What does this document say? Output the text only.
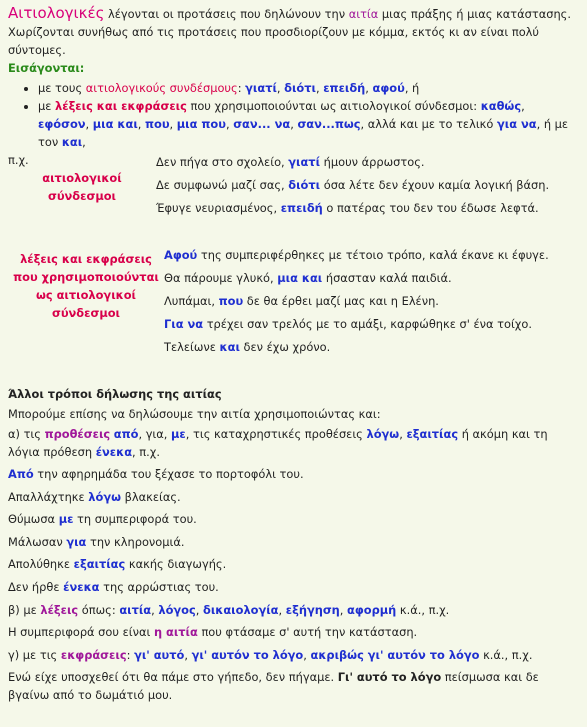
Αιτιολογικές λέγονται οι προτάσεις που δηλώνουν την αιτία μιας πράξης ή μιας κατάστασης. Χωρίζονται συνήθως από τις προτάσεις που προσδιορίζουν με κόμμα, εκτός κι αν είναι πολύ σύντομες.

Εισάγονται:

• με τους αιτιολογικούς συνδέσμους: γιατί, διότι, επειδή, αφού, ή
• με λέξεις και εκφράσεις που χρησιμοποιούνται ως αιτιολογικοί σύνδεσμοι: καθώς, εφόσον, μια και, που, μια που, σαν... να, σαν...πως, αλλά και με το τελικό για να, ή με τον και,

π.χ.

αιτιολογικοί σύνδεσμοι

Δεν πήγα στο σχολείο, γιατί ήμουν άρρωστος.

Δε συμφωνώ μαζί σας, διότι όσα λέτε δεν έχουν καμία λογική βάση.

Έφυγε νευριασμένος, επειδή ο πατέρας του δεν του έδωσε λεφτά.

λέξεις και εκφράσεις που χρησιμοποιούνται ως αιτιολογικοί σύνδεσμοι

Αφού της συμπεριφέρθηκες με τέτοιο τρόπο, καλά έκανε κι έφυγε.

Θα πάρουμε γλυκό, μια και ήσασταν καλά παιδιά.

Λυπάμαι, που δε θα έρθει μαζί μας και η Ελένη.

Για να τρέχει σαν τρελός με το αμάξι, καρφώθηκε σ' ένα τοίχο.

Τελείωνε και δεν έχω χρόνο.

Άλλοι τρόποι δήλωσης της αιτίας

Μπορούμε επίσης να δηλώσουμε την αιτία χρησιμοποιώντας και:

α) τις προθέσεις από, για, με, τις καταχρηστικές προθέσεις λόγω, εξαιτίας ή ακόμη και τη λόγια πρόθεση ένεκα, π.χ.

Από την αφηρημάδα του ξέχασε το πορτοφόλι του.

Απαλλάχτηκε λόγω βλακείας.

Θύμωσα με τη συμπεριφορά του.

Μάλωσαν για την κληρονομιά.

Απολύθηκε εξαιτίας κακής διαγωγής.

Δεν ήρθε ένεκα της αρρώστιας του.

β) με λέξεις όπως: αιτία, λόγος, δικαιολογία, εξήγηση, αφορμή κ.ά., π.χ.

Η συμπεριφορά σου είναι η αιτία που φτάσαμε σ' αυτή την κατάσταση.

γ) με τις εκφράσεις: γι' αυτό, γι' αυτόν το λόγο, ακριβώς γι' αυτόν το λόγο κ.ά., π.χ.

Ενώ είχε υποσχεθεί ότι θα πάμε στο γήπεδο, δεν πήγαμε. Γι' αυτό το λόγο πείσμωσα και δε βγαίνω από το δωμάτιό μου.
